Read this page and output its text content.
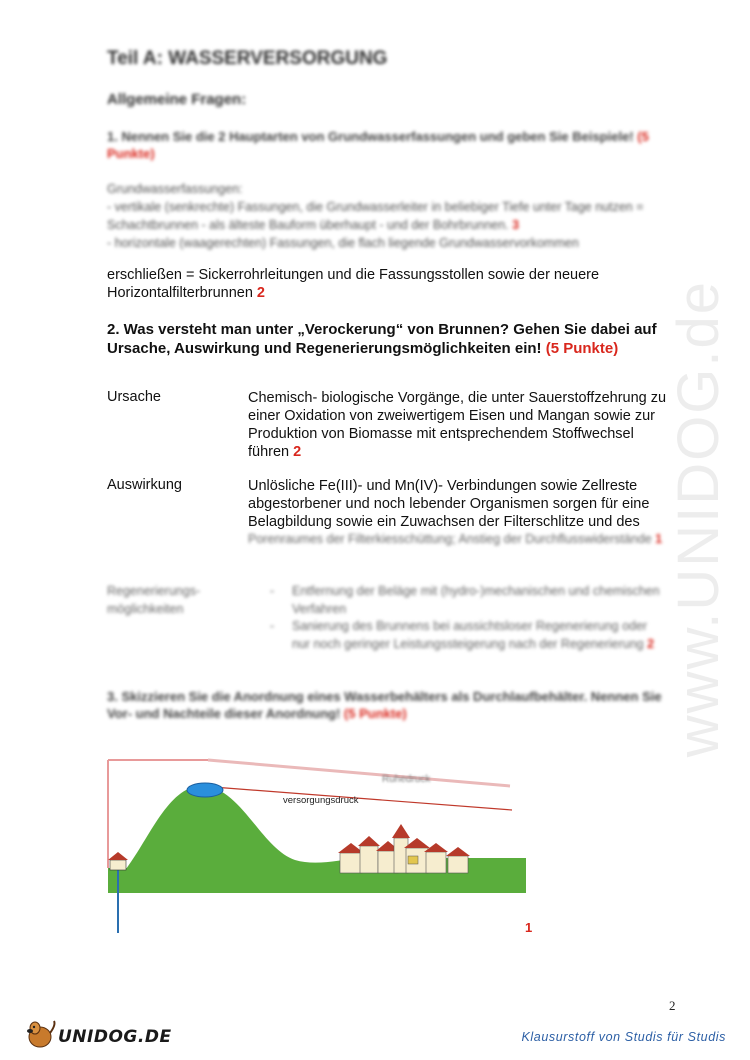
www.UNIDOG.de
Teil A: WASSERVERSORGUNG
Allgemeine Fragen:
1. Nennen Sie die 2 Hauptarten von Grundwasserfassungen und geben Sie Beispiele! (5 Punkte)
Grundwasserfassungen:
- vertikale (senkrechte) Fassungen, die Grundwasserleiter in beliebiger Tiefe unter Tage nutzen = Schachtbrunnen - als älteste Bauform überhaupt - und der Bohrbrunnen. 3
- horizontale (waagerechten) Fassungen, die flach liegende Grundwasservorkommen
erschließen = Sickerrohrleitungen und die Fassungsstollen sowie der neuere Horizontalfilterbrunnen 2
2. Was versteht man unter „Verockerung“ von Brunnen? Gehen Sie dabei auf Ursache, Auswirkung und Regenerierungsmöglichkeiten ein! (5 Punkte)
Ursache	Chemisch- biologische Vorgänge, die unter Sauerstoffzehrung zu einer Oxidation von zweiwertigem Eisen und Mangan sowie zur Produktion von Biomasse mit entsprechendem Stoffwechsel führen 2
Auswirkung	Unlösliche Fe(III)- und Mn(IV)- Verbindungen sowie Zellreste abgestorbener und noch lebender Organismen sorgen für eine Belagbildung sowie ein Zuwachsen der Filterschlitze und des
Porenraumes der Filterkiesschüttung; Anstieg der Durchflusswiderstände 1
Regenerierungs-möglichkeiten
- Entfernung der Beläge mit (hydro-)mechanischen und chemischen Verfahren
- Sanierung des Brunnens bei aussichtsloser Regenerierung oder nur noch geringer Leistungssteigerung nach der Regenerierung 2
3. Skizzieren Sie die Anordnung eines Wasserbehälters als Durchlaufbehälter. Nennen Sie Vor- und Nachteile dieser Anordnung! (5 Punkte)
Ruhedruck
versorgungsdruck
1
2
UNIDOG.DE	Klausurstoff von Studis für Studis
